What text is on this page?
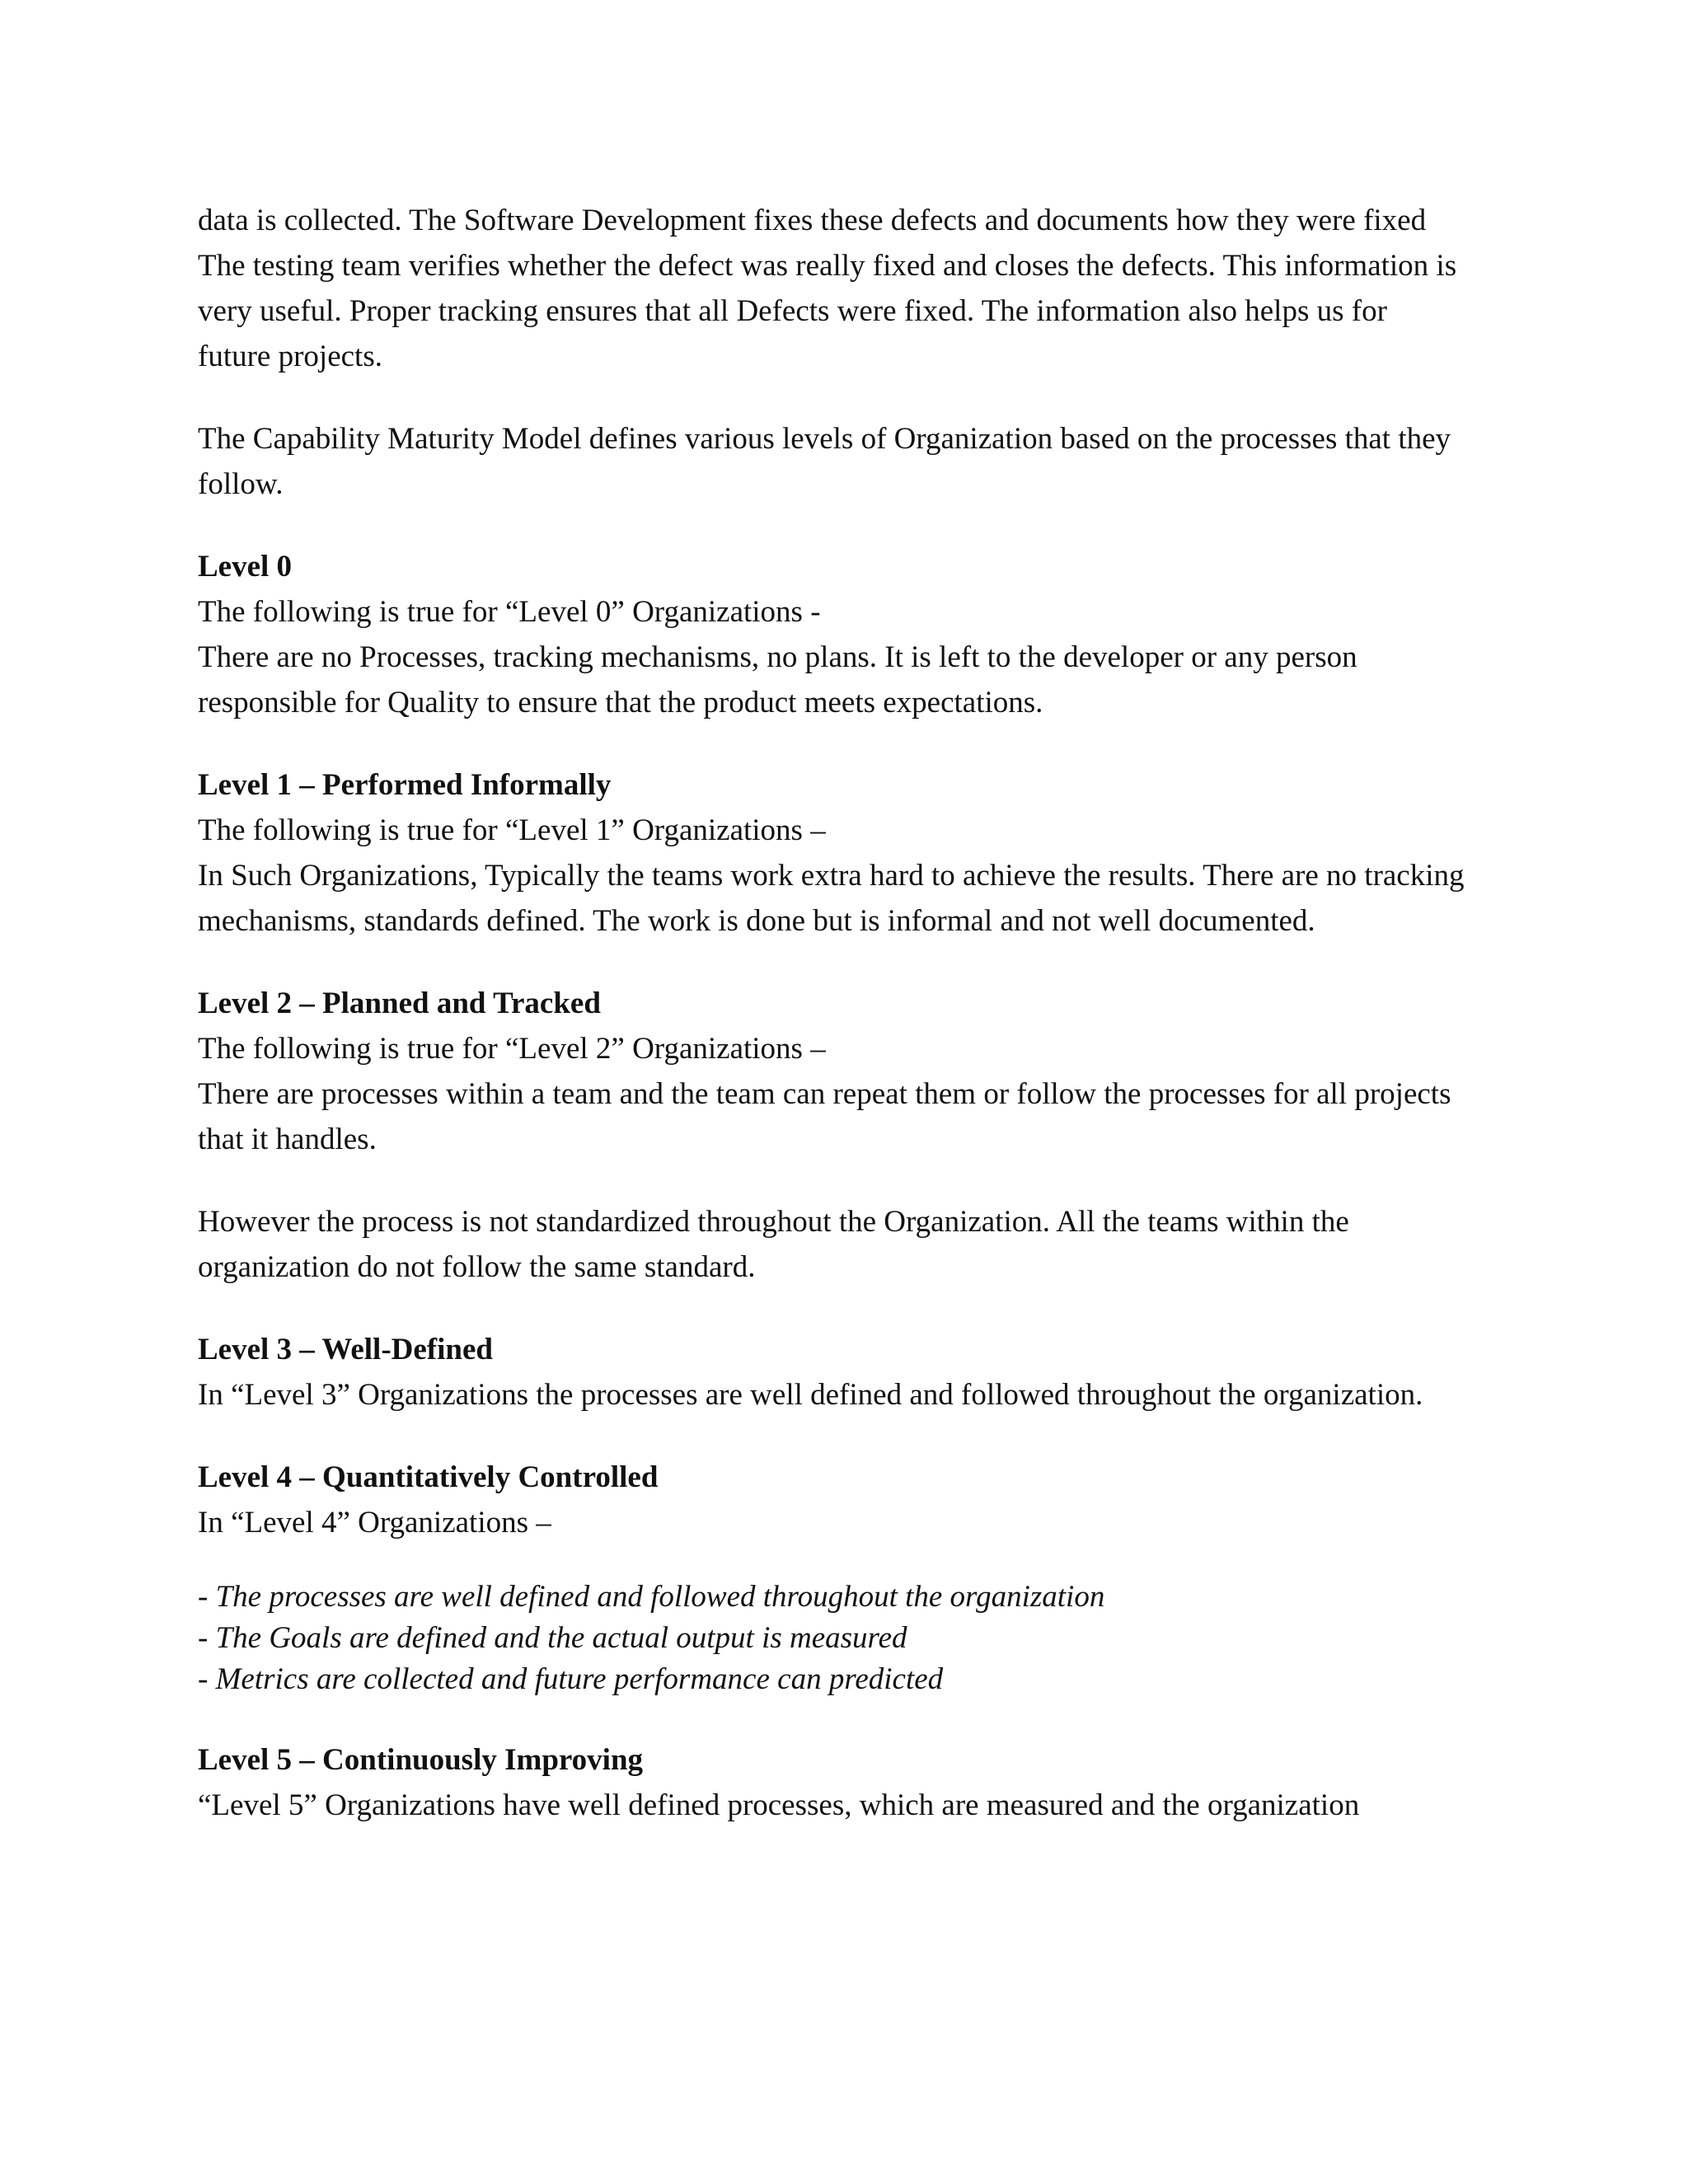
data is collected. The Software Development fixes these defects and documents how they were fixed The testing team verifies whether the defect was really fixed and closes the defects. This information is very useful. Proper tracking ensures that all Defects were fixed. The information also helps us for future projects.

The Capability Maturity Model defines various levels of Organization based on the processes that they follow.

Level 0

The following is true for “Level 0” Organizations -

There are no Processes, tracking mechanisms, no plans. It is left to the developer or any person responsible for Quality to ensure that the product meets expectations.

Level 1 – Performed Informally

The following is true for “Level 1” Organizations –

In Such Organizations, Typically the teams work extra hard to achieve the results. There are no tracking mechanisms, standards defined. The work is done but is informal and not well documented.

Level 2 – Planned and Tracked

The following is true for “Level 2” Organizations –

There are processes within a team and the team can repeat them or follow the processes for all projects that it handles.

However the process is not standardized throughout the Organization. All the teams within the organization do not follow the same standard.

Level 3 – Well-Defined

In “Level 3” Organizations the processes are well defined and followed throughout the organization.

Level 4 – Quantitatively Controlled

In “Level 4” Organizations –

- The processes are well defined and followed throughout the organization

- The Goals are defined and the actual output is measured

- Metrics are collected and future performance can predicted

Level 5 – Continuously Improving

“Level 5” Organizations have well defined processes, which are measured and the organization
